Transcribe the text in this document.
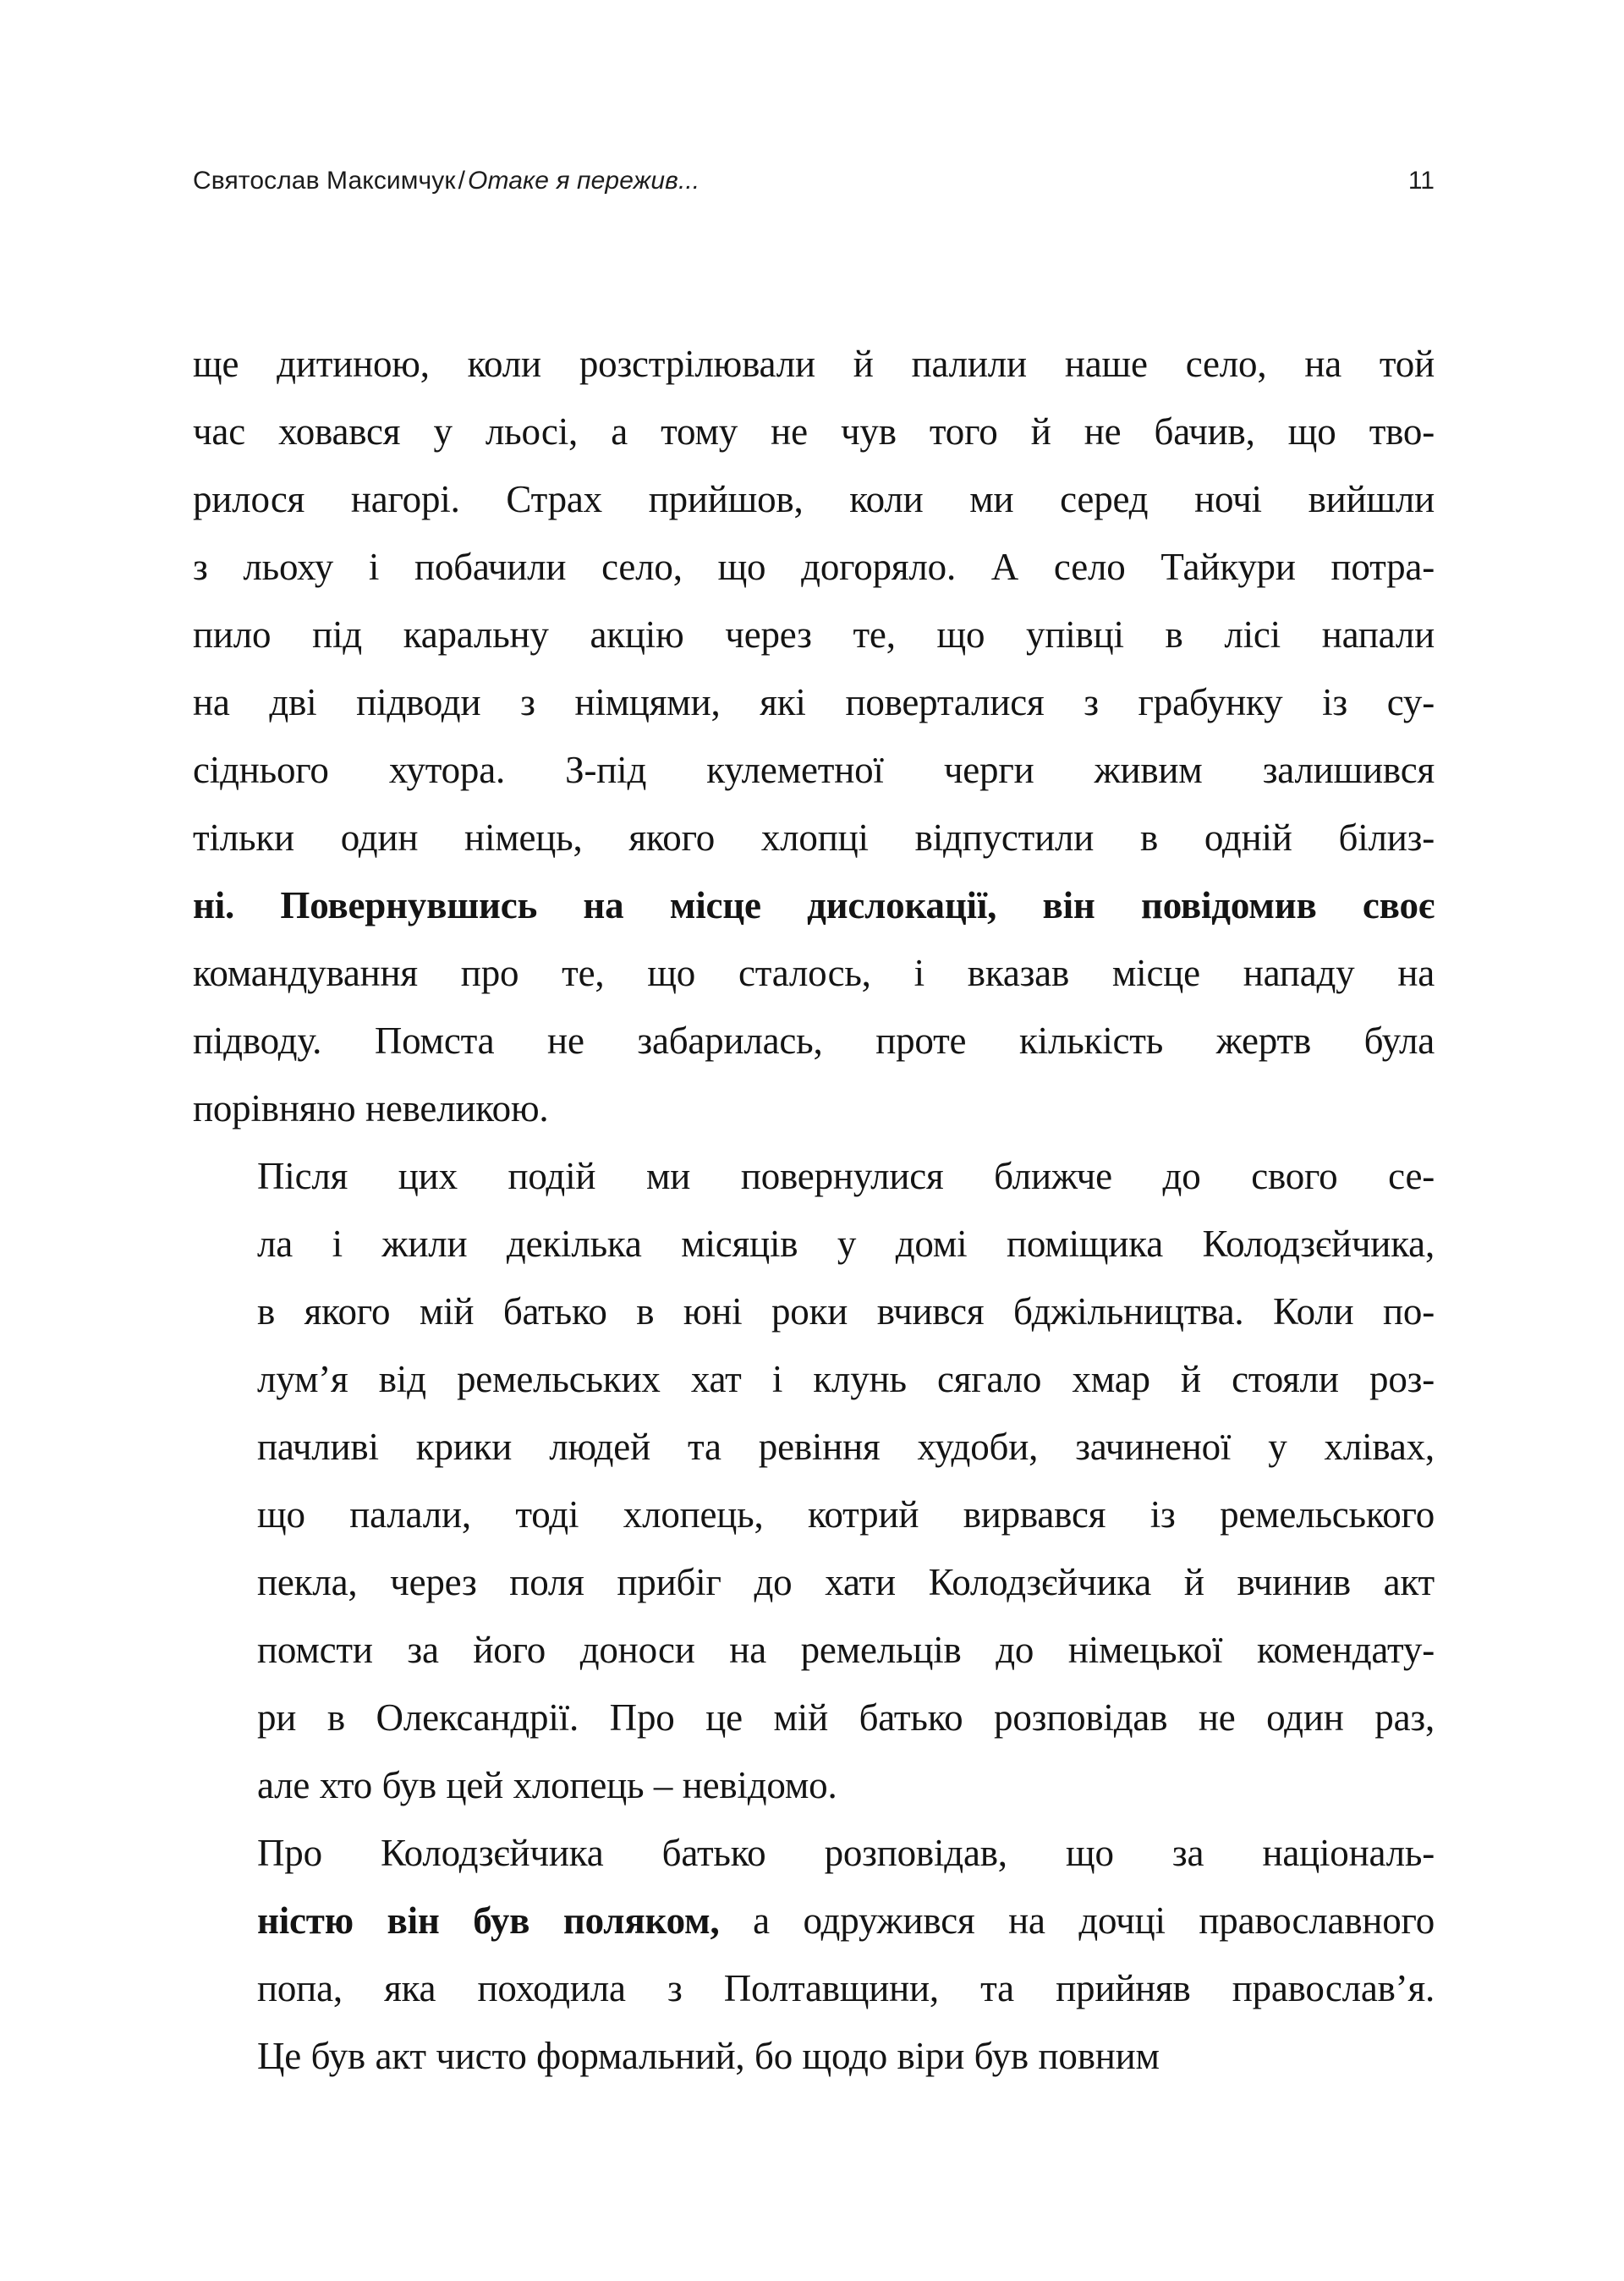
Святослав Максимчук / Отаке я пережив...	11

ще дитиною, коли розстрілювали й палили наше село, на той
час ховався у льосі, а тому не чув того й не бачив, що тво-
рилося нагорі. Страх прийшов, коли ми серед ночі вийшли
з льоху і побачили село, що догоряло. А село Тайкури потра-
пило під каральну акцію через те, що упівці в лісі напали
на дві підводи з німцями, які поверталися з грабунку із су-
сіднього хутора. З-під кулеметної черги живим залишився
тільки один німець, якого хлопці відпустили в одній білиз-
ні. Повернувшись на місце дислокації, він повідомив своє
командування про те, що сталось, і вказав місце нападу на
підводу. Помста не забарилась, проте кількість жертв була
порівняно невеликою.

Після цих подій ми повернулися ближче до свого се-
ла і жили декілька місяців у домі поміщика Колодзєйчика,
в якого мій батько в юні роки вчився бджільництва. Коли по-
лум’я від ремельських хат і клунь сягало хмар й стояли роз-
пачливі крики людей та ревіння худоби, зачиненої у хлівах,
що палали, тоді хлопець, котрий вирвався із ремельського
пекла, через поля прибіг до хати Колодзєйчика й вчинив акт
помсти за його доноси на ремельців до німецької комендату-
ри в Олександрії. Про це мій батько розповідав не один раз,
але хто був цей хлопець – невідомо.

Про Колодзєйчика батько розповідав, що за національ-
ністю він був поляком, а одружився на дочці православного
попа, яка походила з Полтавщини, та прийняв православ’я.
Це був акт чисто формальний, бо щодо віри був повним
